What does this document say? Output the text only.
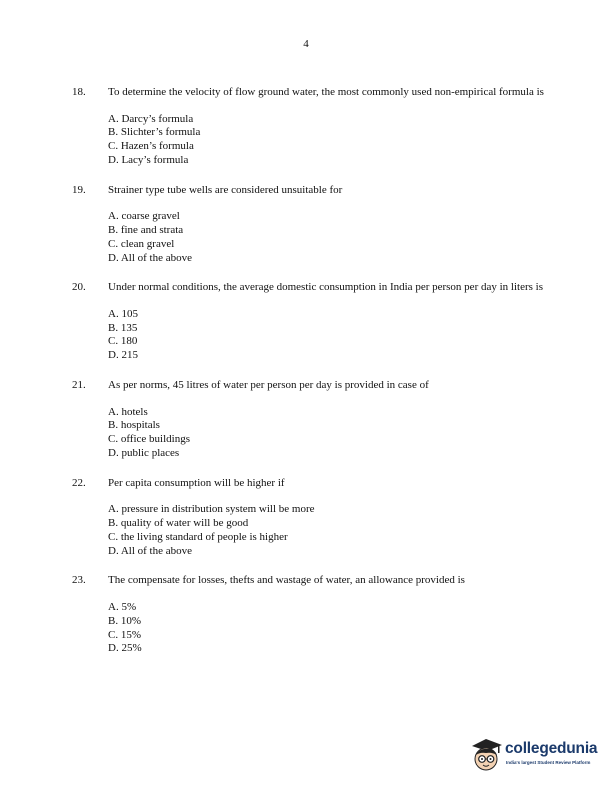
4
18. To determine the velocity of flow ground water, the most commonly used non-empirical formula is
A. Darcy’s formula
B. Slichter’s formula
C. Hazen’s formula
D. Lacy’s formula
19. Strainer type tube wells are considered unsuitable for
A. coarse gravel
B. fine and strata
C. clean gravel
D. All of the above
20. Under normal conditions, the average domestic consumption in India per person per day in liters is
A. 105
B. 135
C. 180
D. 215
21. As per norms, 45 litres of water per person per day is provided in case of
A. hotels
B. hospitals
C. office buildings
D. public places
22. Per capita consumption will be higher if
A. pressure in distribution system will be more
B. quality of water will be good
C. the living standard of people is higher
D. All of the above
23. The compensate for losses, thefts and wastage of water, an allowance provided is
A. 5%
B. 10%
C. 15%
D. 25%
collegedunia
India's largest Student Review Platform
